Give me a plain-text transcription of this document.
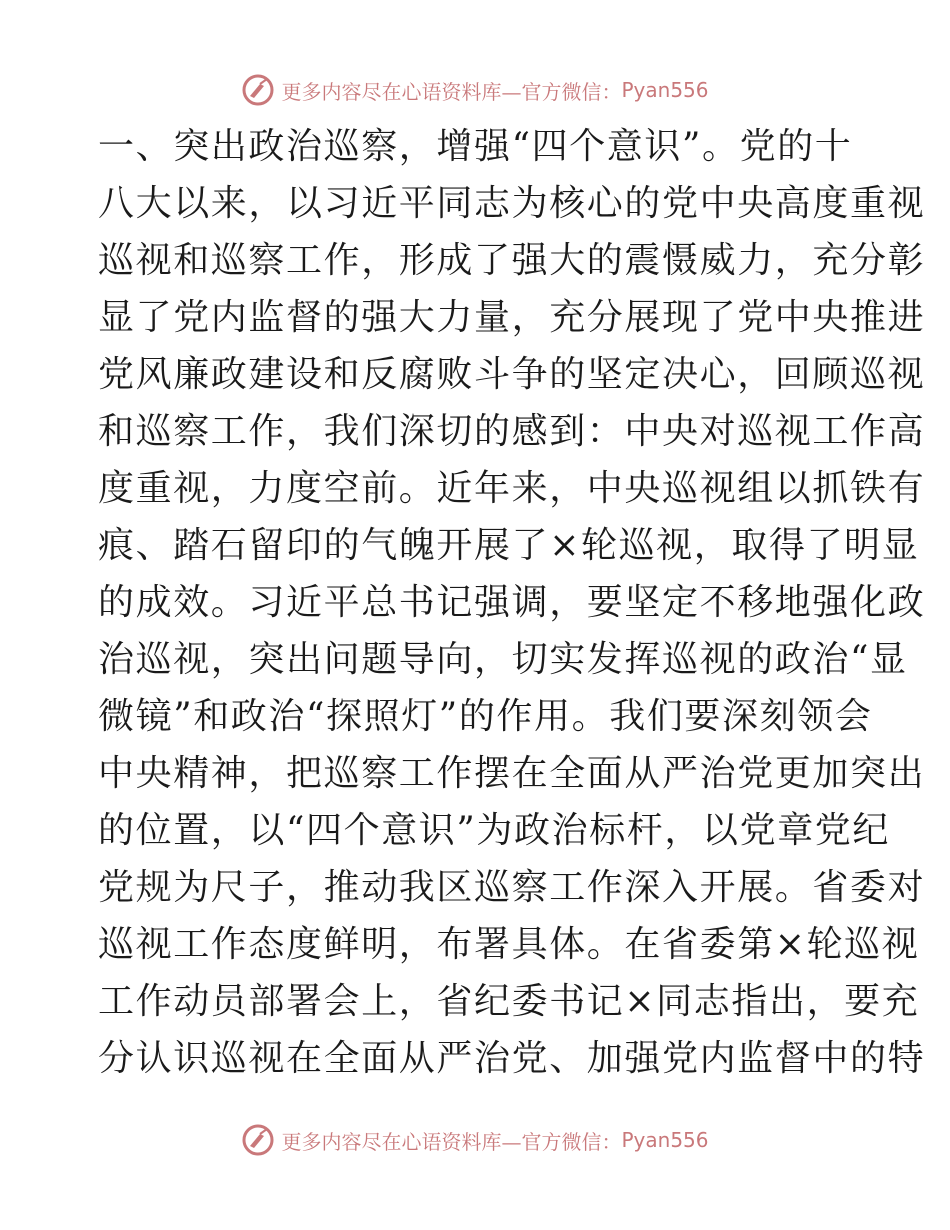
更多内容尽在心语资料库—官方微信： Pyan556
一、突出政治巡察，增强“四个意识”。党的十
八大以来，以习近平同志为核心的党中央高度重视
巡视和巡察工作，形成了强大的震慑威力，充分彰
显了党内监督的强大力量，充分展现了党中央推进
党风廉政建设和反腐败斗争的坚定决心，回顾巡视
和巡察工作，我们深切的感到：中央对巡视工作高
度重视，力度空前。近年来，中央巡视组以抓铁有
痕、踏石留印的气魄开展了×轮巡视，取得了明显
的成效。习近平总书记强调，要坚定不移地强化政
治巡视，突出问题导向，切实发挥巡视的政治“显
微镜”和政治“探照灯”的作用。我们要深刻领会
中央精神，把巡察工作摆在全面从严治党更加突出
的位置，以“四个意识”为政治标杆，以党章党纪
党规为尺子，推动我区巡察工作深入开展。省委对
巡视工作态度鲜明，布署具体。在省委第×轮巡视
工作动员部署会上，省纪委书记×同志指出，要充
分认识巡视在全面从严治党、加强党内监督中的特
更多内容尽在心语资料库—官方微信： Pyan556
